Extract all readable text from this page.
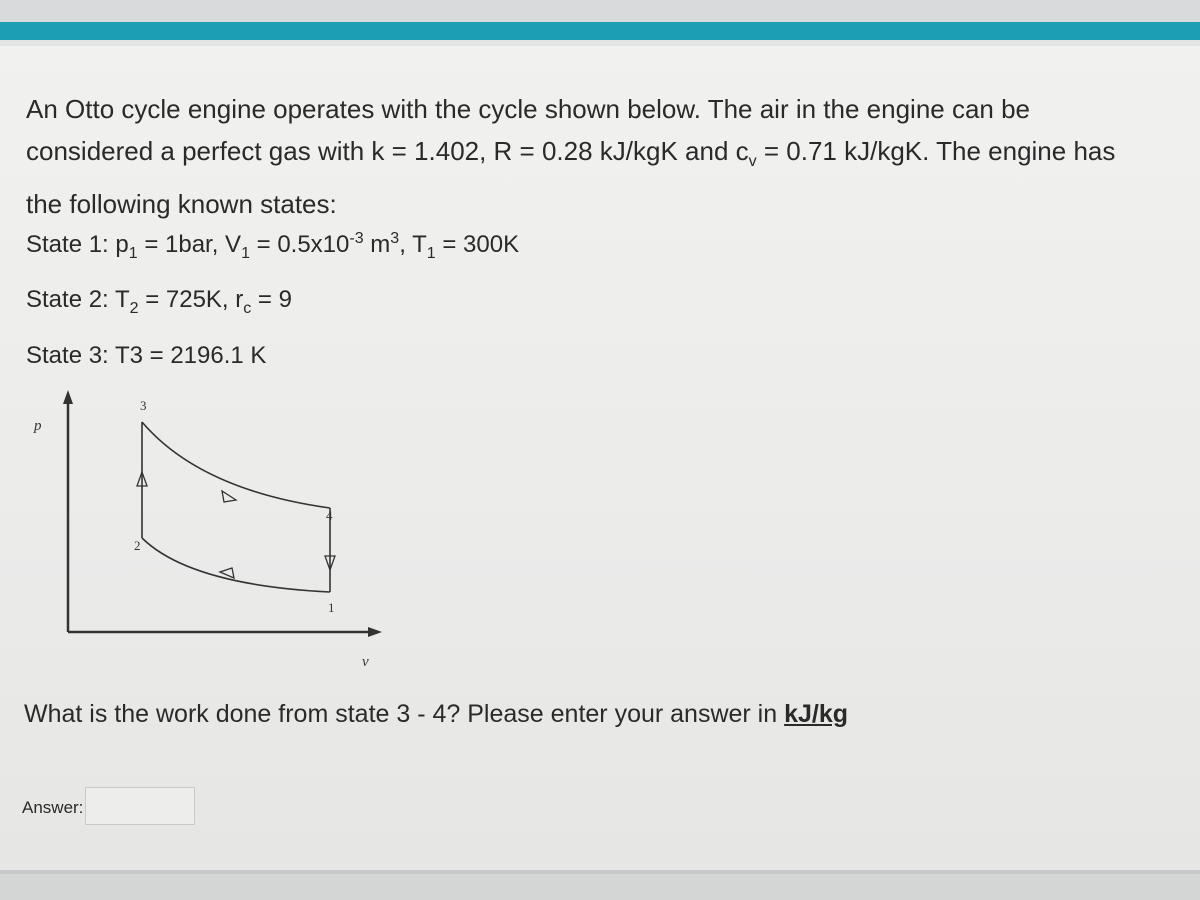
An Otto cycle engine operates with the cycle shown below. The air in the engine can be
considered a perfect gas with k = 1.402, R = 0.28 kJ/kgK and $c_v = 0.71$ kJ/kgK. The engine has
the following known states:
State 1: $p_1 = 1bar$, $V_1 = 0.5x10^{-3}$ $m^3$, $T_1 = 300K$
State 2: $T_2 = 725K$, $r_c = 9$
State 3: T3 = 2196.1 K
p
v
3
2
4
1
What is the work done from state 3 - 4? Please enter your answer in kJ/kg
Answer:
